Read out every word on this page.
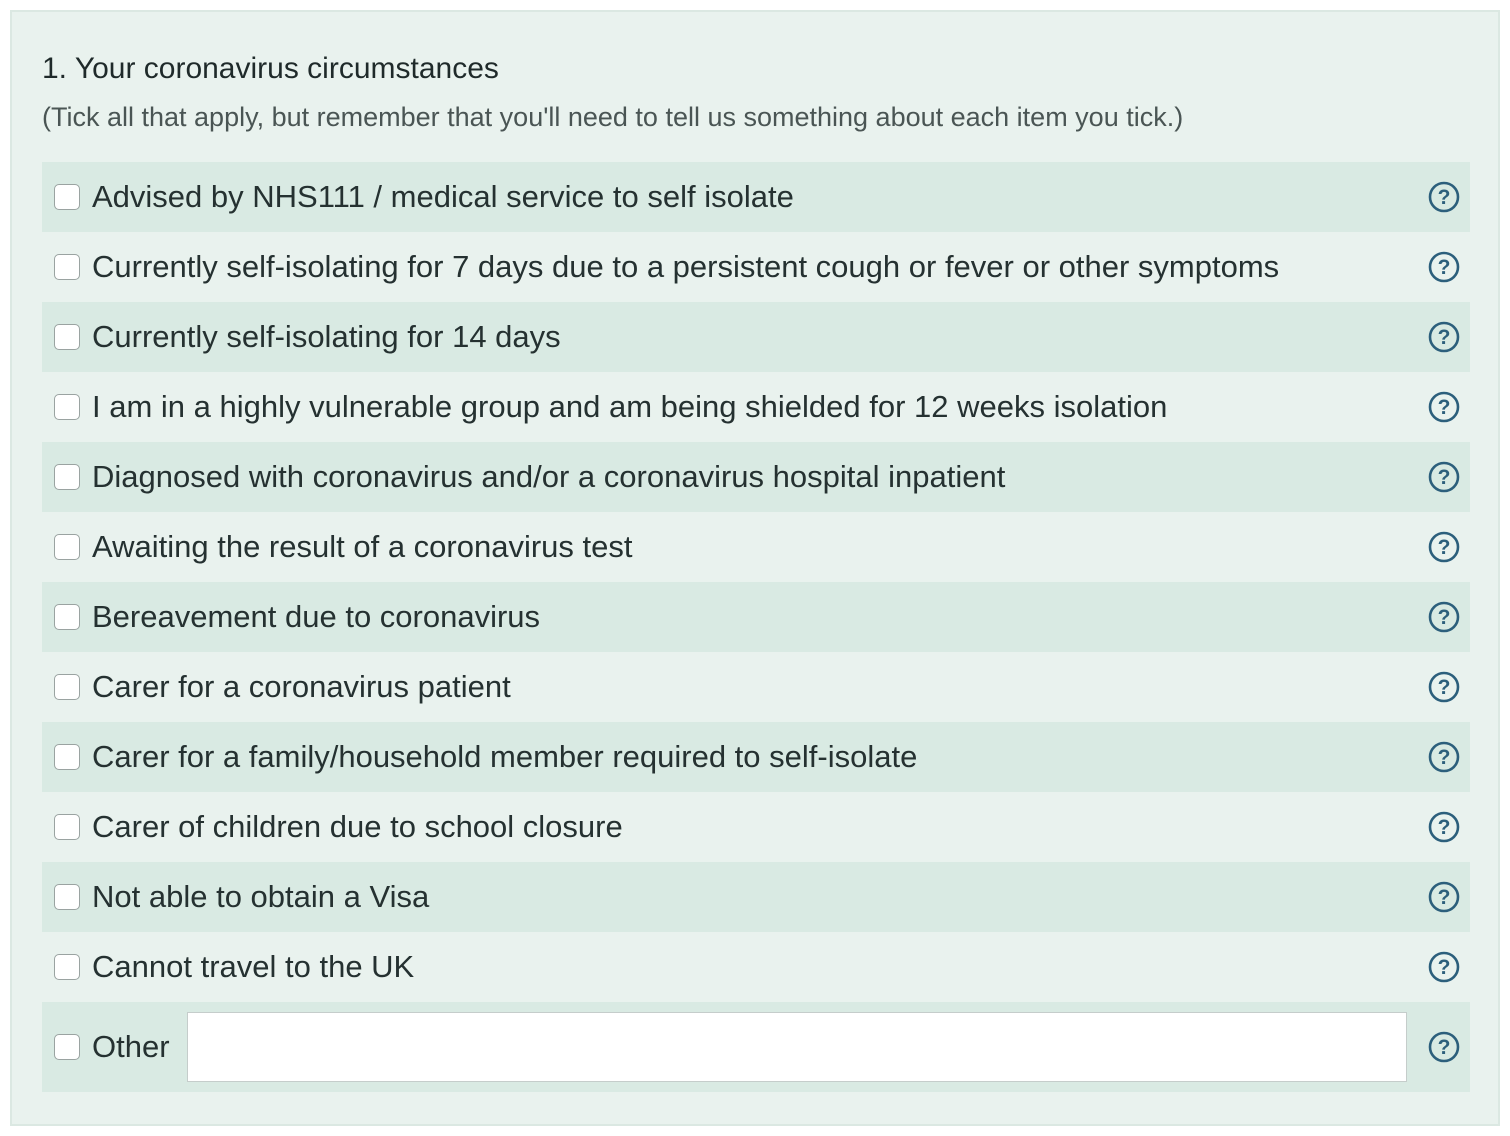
1. Your coronavirus circumstances
(Tick all that apply, but remember that you'll need to tell us something about each item you tick.)
Advised by NHS111 / medical service to self isolate	?
Currently self-isolating for 7 days due to a persistent cough or fever or other symptoms	?
Currently self-isolating for 14 days	?
I am in a highly vulnerable group and am being shielded for 12 weeks isolation	?
Diagnosed with coronavirus and/or a coronavirus hospital inpatient	?
Awaiting the result of a coronavirus test	?
Bereavement due to coronavirus	?
Carer for a coronavirus patient	?
Carer for a family/household member required to self-isolate	?
Carer of children due to school closure	?
Not able to obtain a Visa	?
Cannot travel to the UK	?
Other	?
